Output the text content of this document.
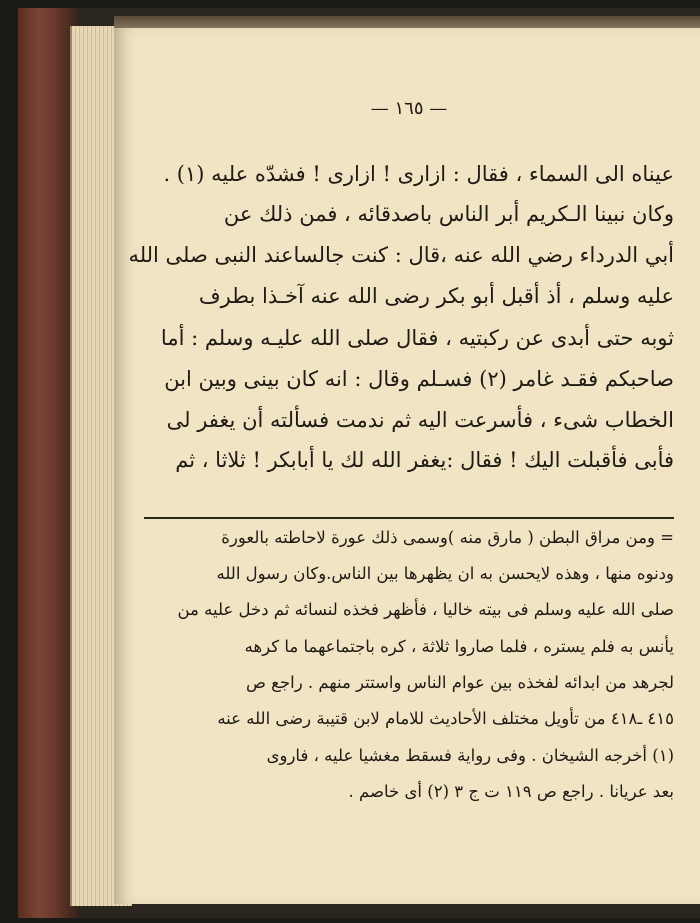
— ١٦٥ —
عيناه الى السماء ، فقال : ازارى ! ازارى ! فشدّه عليه (١) .
وكان نبينا الـكريم أبر الناس باصدقائه ، فمن ذلك عن
أبي الدرداء رضي الله عنه ،قال : كنت جالساعند النبى صلى الله
عليه وسلم ، أذ أقبل أبو بكر رضى الله عنه آخـذا بطرف
ثوبه حتى أبدى عن ركبتيه ، فقال صلى الله عليـه وسلم : أما
صاحبكم فقـد غامر (٢) فسـلم وقال : انه كان بينى وبين ابن
الخطاب شىء ، فأسرعت اليه ثم ندمت فسألته أن يغفر لى
فأبى فأقبلت اليك ! فقال :يغفر الله لك يا أبابكر ! ثلاثا ، ثم
= ومن مراق البطن ( مارق منه )وسمى ذلك عورة لاحاطته بالعورة
ودنوه منها ، وهذه لايحسن به ان يظهرها بين الناس.وكان رسول الله
صلى الله عليه وسلم فى بيته خاليا ، فأظهر فخذه لنسائه ثم دخل عليه من
يأنس به فلم يستره ، فلما صاروا ثلاثة ، كره باجتماعهما ما كرهه
لجرهد من ابدائه لفخذه بين عوام الناس واستتر منهم . راجع ص
٤١٥ ـ٤١٨ من تأويل مختلف الأحاديث للامام لابن قتيبة رضى الله عنه
(١) أخرجه الشيخان . وفى رواية فسقط مغشيا عليه ، فاروى
بعد عريانا . راجع ص ١١٩ ت ج ٣ (٢) أى خاصم .
